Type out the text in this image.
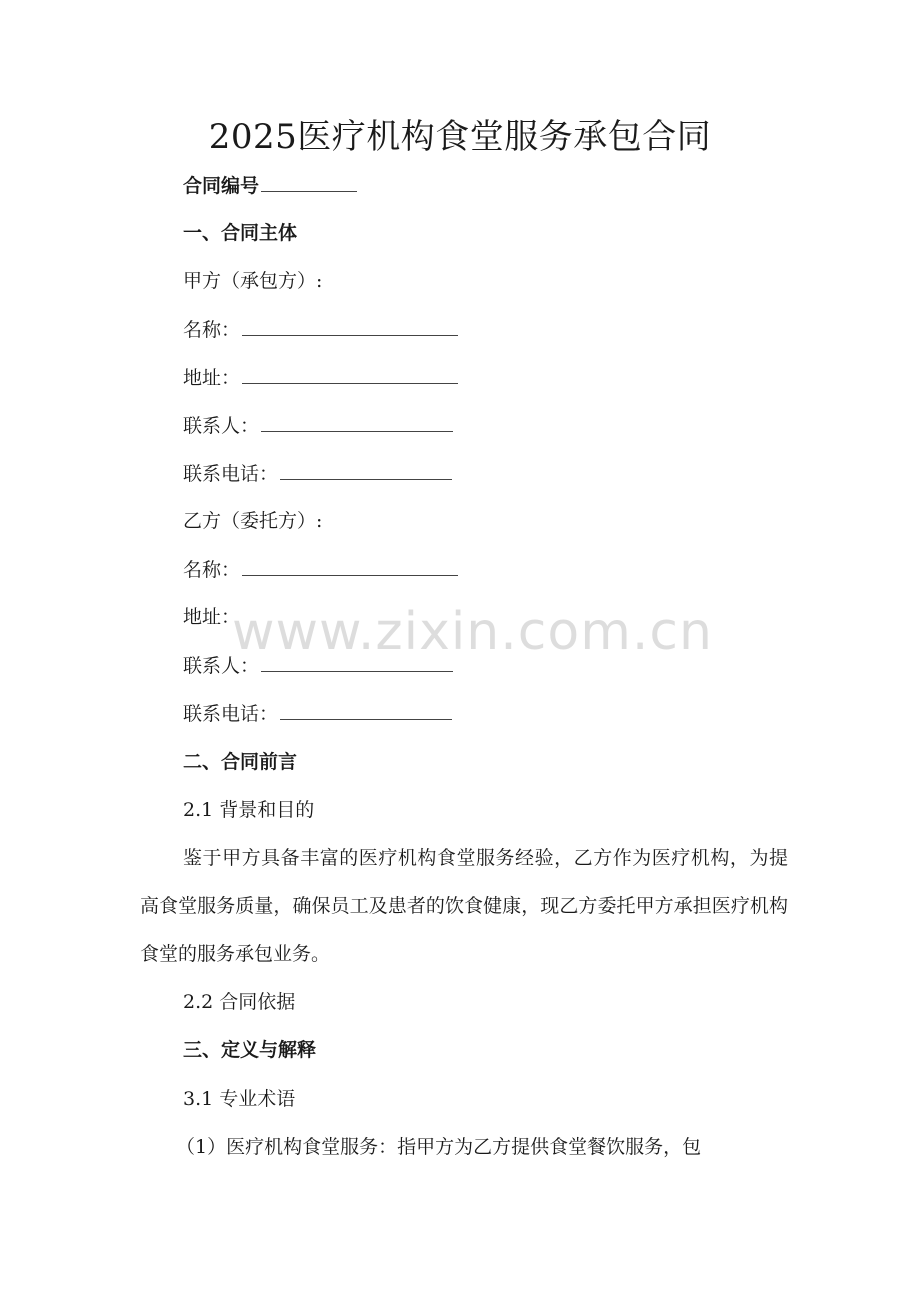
2025医疗机构食堂服务承包合同
合同编号
一、合同主体
甲方（承包方）:
名称：
地址：
联系人：
联系电话：
乙方（委托方）:
名称：
地址：
联系人：
联系电话：
二、合同前言
2.1 背景和目的
鉴于甲方具备丰富的医疗机构食堂服务经验，乙方作为医疗机构，为提高食堂服务质量，确保员工及患者的饮食健康，现乙方委托甲方承担医疗机构食堂的服务承包业务。
2.2 合同依据
三、定义与解释
3.1 专业术语
（1）医疗机构食堂服务：指甲方为乙方提供食堂餐饮服务，包
www.zixin.com.cn
